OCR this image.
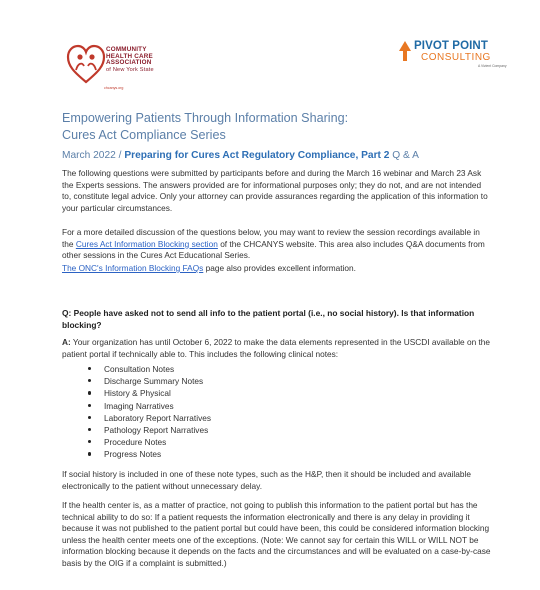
COMMUNITY
HEALTH CARE
ASSOCIATION
of New York State
chcanys.org
PIVOT POINT
CONSULTING
A Vizient Company
Empowering Patients Through Information Sharing:
Cures Act Compliance Series
March 2022 / Preparing for Cures Act Regulatory Compliance, Part 2 Q & A
The following questions were submitted by participants before and during the March 16 webinar and March 23 Ask the Experts sessions. The answers provided are for informational purposes only; they do not, and are not intended to, constitute legal advice. Only your attorney can provide assurances regarding the application of this information to your particular circumstances.
For a more detailed discussion of the questions below, you may want to review the session recordings available in the Cures Act Information Blocking section of the CHCANYS website. This area also includes Q&A documents from other sessions in the Cures Act Educational Series.
The ONC's Information Blocking FAQs page also provides excellent information.
Q: People have asked not to send all info to the patient portal (i.e., no social history). Is that information blocking?
A: Your organization has until October 6, 2022 to make the data elements represented in the USCDI available on the patient portal if technically able to. This includes the following clinical notes:
Consultation Notes
Discharge Summary Notes
History & Physical
Imaging Narratives
Laboratory Report Narratives
Pathology Report Narratives
Procedure Notes
Progress Notes
If social history is included in one of these note types, such as the H&P, then it should be included and available electronically to the patient without unnecessary delay.
If the health center is, as a matter of practice, not going to publish this information to the patient portal but has the technical ability to do so: If a patient requests the information electronically and there is any delay in providing it because it was not published to the patient portal but could have been, this could be considered information blocking unless the health center meets one of the exceptions. (Note: We cannot say for certain this WILL or WILL NOT be information blocking because it depends on the facts and the circumstances and will be evaluated on a case-by-case basis by the OIG if a complaint is submitted.)
